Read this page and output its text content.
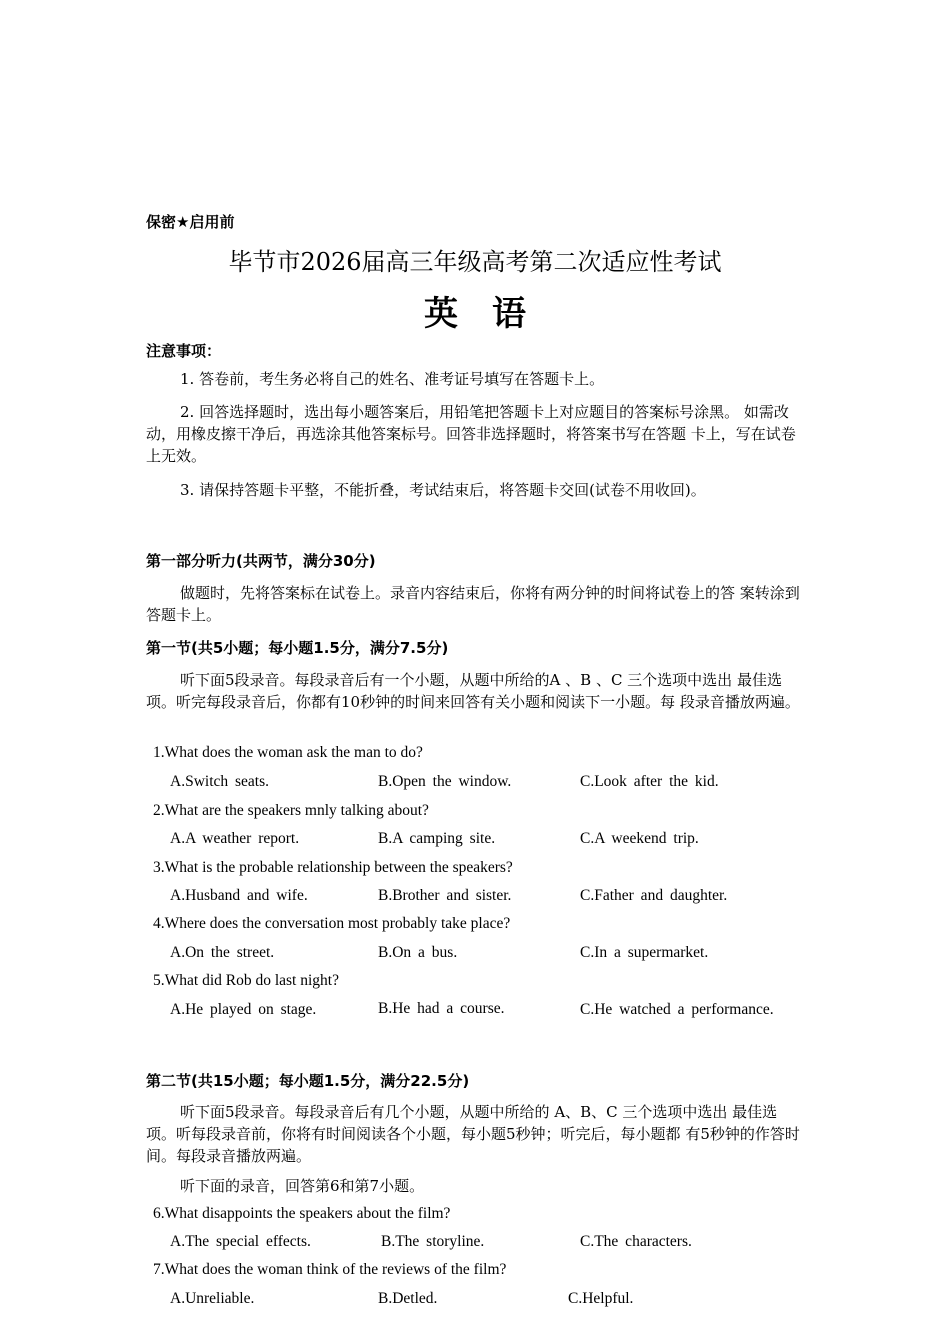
保密★启用前
毕节市2026届高三年级高考第二次适应性考试
英语
注意事项：
1. 答卷前，考生务必将自己的姓名、准考证号填写在答题卡上。
2. 回答选择题时，选出每小题答案后，用铅笔把答题卡上对应题目的答案标号涂黑。 如需改动，用橡皮擦干净后，再选涂其他答案标号。回答非选择题时，将答案书写在答题 卡上，写在试卷上无效。
3. 请保持答题卡平整，不能折叠，考试结束后，将答题卡交回(试卷不用收回)。
第一部分听力(共两节，满分30分)
做题时，先将答案标在试卷上。录音内容结束后，你将有两分钟的时间将试卷上的答 案转涂到答题卡上。
第一节(共5小题；每小题1.5分，满分7.5分)
听下面5段录音。每段录音后有一个小题，从题中所给的A 、B 、C 三个选项中选出 最佳选项。听完每段录音后，你都有10秒钟的时间来回答有关小题和阅读下一小题。每 段录音播放两遍。
1.What does the woman ask the man to do?
A.Switch seats.	B.Open the window.	C.Look after the kid.
2.What are the speakers mnly talking about?
A.A weather report.	B.A camping site.	C.A weekend trip.
3.What is the probable relationship between the speakers?
A.Husband and wife.	B.Brother and sister.	C.Father and daughter.
4.Where does the conversation most probably take place?
A.On the street.	B.On a bus.	C.In a supermarket.
5.What did Rob do last night?
A.He played on stage.	B.He had a course.	C.He watched a performance.
第二节(共15小题；每小题1.5分，满分22.5分)
听下面5段录音。每段录音后有几个小题，从题中所给的 A、B、C 三个选项中选出 最佳选项。听每段录音前，你将有时间阅读各个小题，每小题5秒钟；听完后，每小题都 有5秒钟的作答时间。每段录音播放两遍。
听下面的录音，回答第6和第7小题。
6.What disappoints the speakers about the film?
A.The special effects.	B.The storyline.	C.The characters.
7.What does the woman think of the reviews of the film?
A.Unreliable.	B.Detled.	C.Helpful.
